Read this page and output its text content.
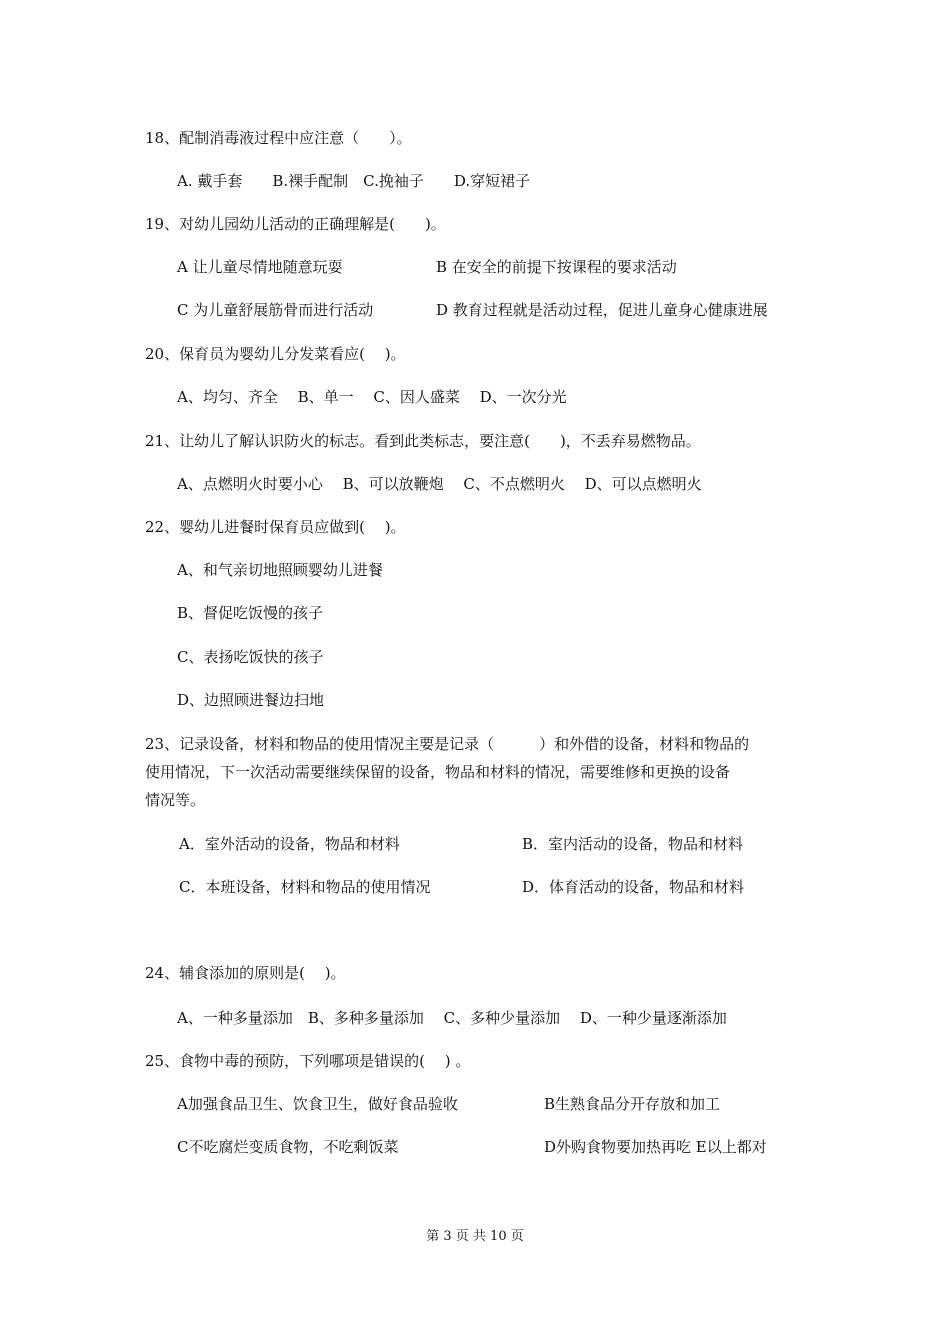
18、配制消毒液过程中应注意（　　）。
A. 戴手套　　B.裸手配制　C.挽袖子　　D.穿短裙子
19、对幼儿园幼儿活动的正确理解是(　　)。
A 让儿童尽情地随意玩耍	B 在安全的前提下按课程的要求活动
C 为儿童舒展筋骨而进行活动	D 教育过程就是活动过程，促进儿童身心健康进展
20、保育员为婴幼儿分发菜看应(　 )。
A、均匀、齐全　 B、单一　 C、因人盛菜　 D、一次分光
21、让幼儿了解认识防火的标志。看到此类标志，要注意(　　)，不丢弃易燃物品。
A、点燃明火时要小心　 B、可以放鞭炮　 C、不点燃明火　 D、可以点燃明火
22、婴幼儿进餐时保育员应做到(　 )。
A、和气亲切地照顾婴幼儿进餐
B、督促吃饭慢的孩子
C、表扬吃饭快的孩子
D、边照顾进餐边扫地
23、记录设备，材料和物品的使用情况主要是记录（　　　）和外借的设备，材料和物品的
使用情况，下一次活动需要继续保留的设备，物品和材料的情况，需要维修和更换的设备
情况等。
A．室外活动的设备，物品和材料	B．室内活动的设备，物品和材料
C．本班设备，材料和物品的使用情况	D．体育活动的设备，物品和材料
24、辅食添加的原则是(　 )。
A、一种多量添加　B、多种多量添加　 C、多种少量添加　 D、一种少量逐渐添加
25、食物中毒的预防，下列哪项是错误的(　 ) 。
A加强食品卫生、饮食卫生，做好食品验收	B生熟食品分开存放和加工
C不吃腐烂变质食物，不吃剩饭菜	D外购食物要加热再吃 E以上都对
第 3 页 共 10 页
